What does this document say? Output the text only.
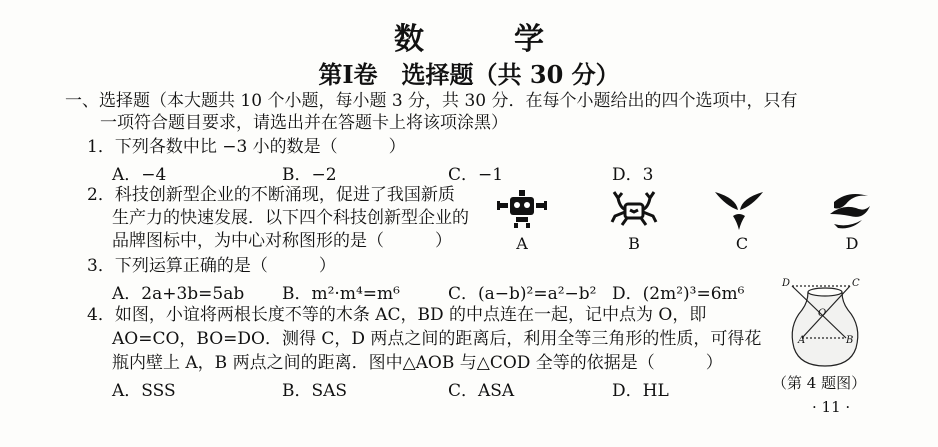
数　学
第Ⅰ卷　选择题（共 30 分）
一、选择题（本大题共 10 个小题，每小题 3 分，共 30 分．在每个小题给出的四个选项中，只有
一项符合题目要求，请选出并在答题卡上将该项涂黑）
1．下列各数中比 −3 小的数是（　　　）
A．−4	B．−2	C．−1	D．3
2．科技创新型企业的不断涌现，促进了我国新质
生产力的快速发展．以下四个科技创新型企业的
品牌图标中，为中心对称图形的是（　　　）	A	B	C	D
3．下列运算正确的是（　　　）
A．2a+3b=5ab B．m²·m⁴=m⁶	C．(a−b)²=a²−b² D．(2m²)³=6m⁶
4．如图，小谊将两根长度不等的木条 AC，BD 的中点连在一起，记中点为 O，即
AO=CO，BO=DO．测得 C，D 两点之间的距离后，利用全等三角形的性质，可得花
瓶内壁上 A，B 两点之间的距离．图中△AOB 与△COD 全等的依据是（　　　）
A．SSS	B．SAS	C．ASA	D．HL
D	C
O
A	B
（第 4 题图）
· 11 ·
